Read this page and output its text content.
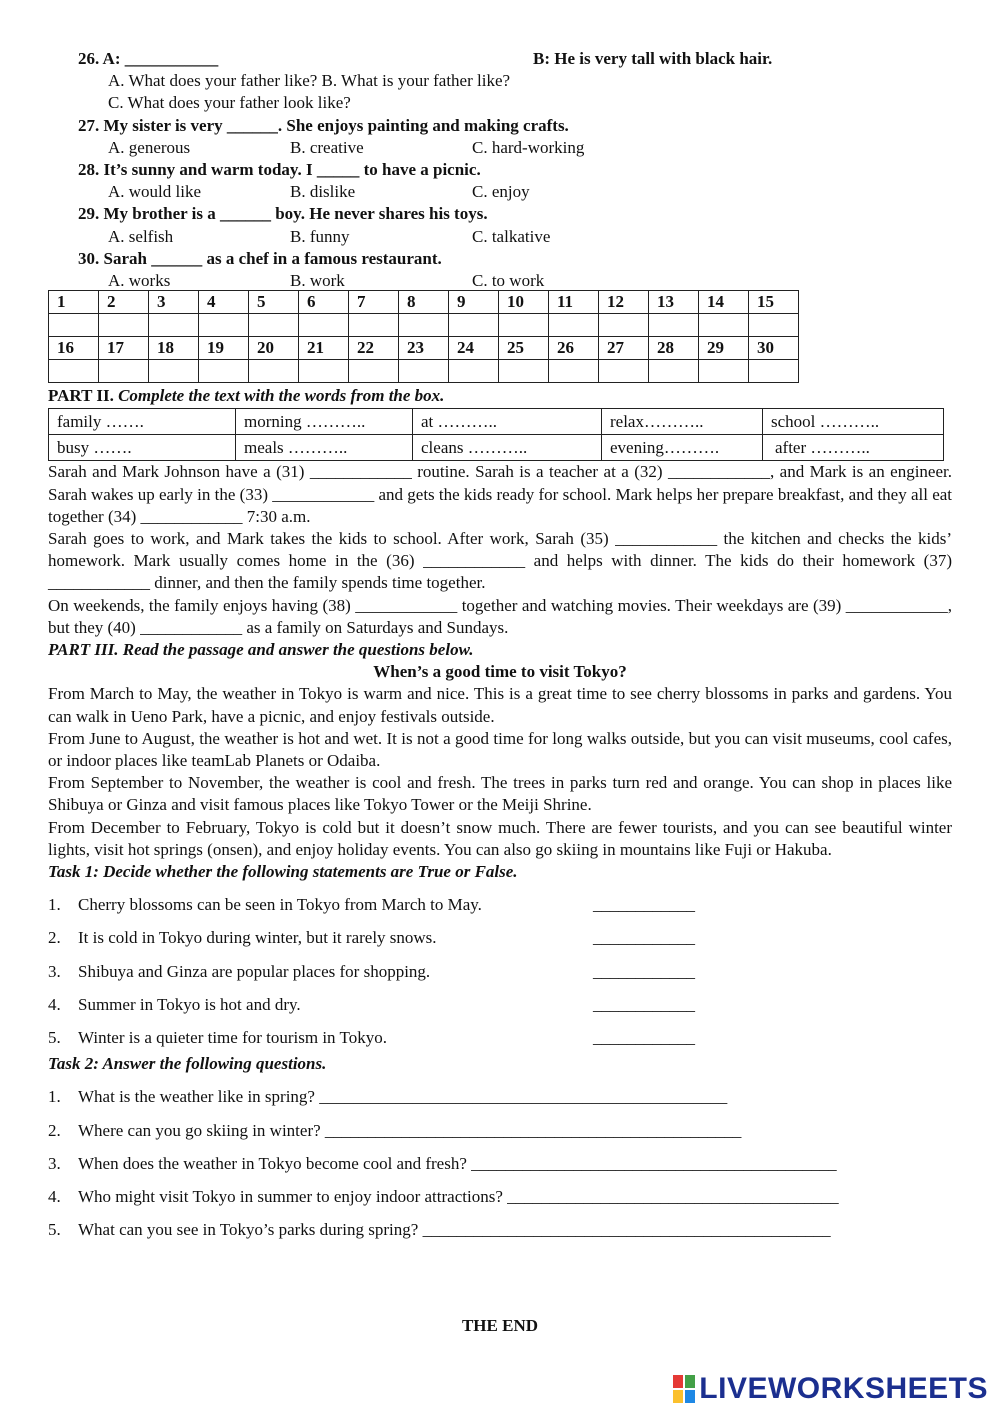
26. A: ___________	B: He is very tall with black hair.
A. What does your father like? B. What is your father like?
C. What does your father look like?
27. My sister is very ______. She enjoys painting and making crafts.
A. generous	B. creative	C. hard-working
28. It’s sunny and warm today. I _____ to have a picnic.
A. would like	B. dislike	C. enjoy
29. My brother is a ______ boy. He never shares his toys.
A. selfish	B. funny	C. talkative
30. Sarah ______ as a chef in a famous restaurant.
A. works	B. work	C. to work
1	2	3	4	5	6	7	8	9	10	11	12	13	14	15

16	17	18	19	20	21	22	23	24	25	26	27	28	29	30

PART II. Complete the text with the words from the box.
family …….	morning ………..	at ………..	relax………..	school ………..
busy …….	meals ………..	cleans ………..	evening……….	after ………..
Sarah and Mark Johnson have a (31) ____________ routine. Sarah is a teacher at a (32) ____________, and Mark is an engineer. Sarah wakes up early in the (33) ____________ and gets the kids ready for school. Mark helps her prepare breakfast, and they all eat together (34) ____________ 7:30 a.m.
Sarah goes to work, and Mark takes the kids to school. After work, Sarah (35) ____________ the kitchen and checks the kids’ homework. Mark usually comes home in the (36) ____________ and helps with dinner. The kids do their homework (37) ____________ dinner, and then the family spends time together.
On weekends, the family enjoys having (38) ____________ together and watching movies. Their weekdays are (39) ____________, but they (40) ____________ as a family on Saturdays and Sundays.
PART III. Read the passage and answer the questions below.
When’s a good time to visit Tokyo?
From March to May, the weather in Tokyo is warm and nice. This is a great time to see cherry blossoms in parks and gardens. You can walk in Ueno Park, have a picnic, and enjoy festivals outside.
From June to August, the weather is hot and wet. It is not a good time for long walks outside, but you can visit museums, cool cafes, or indoor places like teamLab Planets or Odaiba.
From September to November, the weather is cool and fresh. The trees in parks turn red and orange. You can shop in places like Shibuya or Ginza and visit famous places like Tokyo Tower or the Meiji Shrine.
From December to February, Tokyo is cold but it doesn’t snow much. There are fewer tourists, and you can see beautiful winter lights, visit hot springs (onsen), and enjoy holiday events. You can also go skiing in mountains like Fuji or Hakuba.
Task 1: Decide whether the following statements are True or False.
1. Cherry blossoms can be seen in Tokyo from March to May.	____________
2. It is cold in Tokyo during winter, but it rarely snows.	____________
3. Shibuya and Ginza are popular places for shopping.	____________
4. Summer in Tokyo is hot and dry.	____________
5. Winter is a quieter time for tourism in Tokyo.	____________
Task 2: Answer the following questions.
1. What is the weather like in spring? ________________________________________________
2. Where can you go skiing in winter? _________________________________________________
3. When does the weather in Tokyo become cool and fresh? ___________________________________________
4. Who might visit Tokyo in summer to enjoy indoor attractions? _______________________________________
5. What can you see in Tokyo’s parks during spring? ________________________________________________
THE END
LIVEWORKSHEETS
